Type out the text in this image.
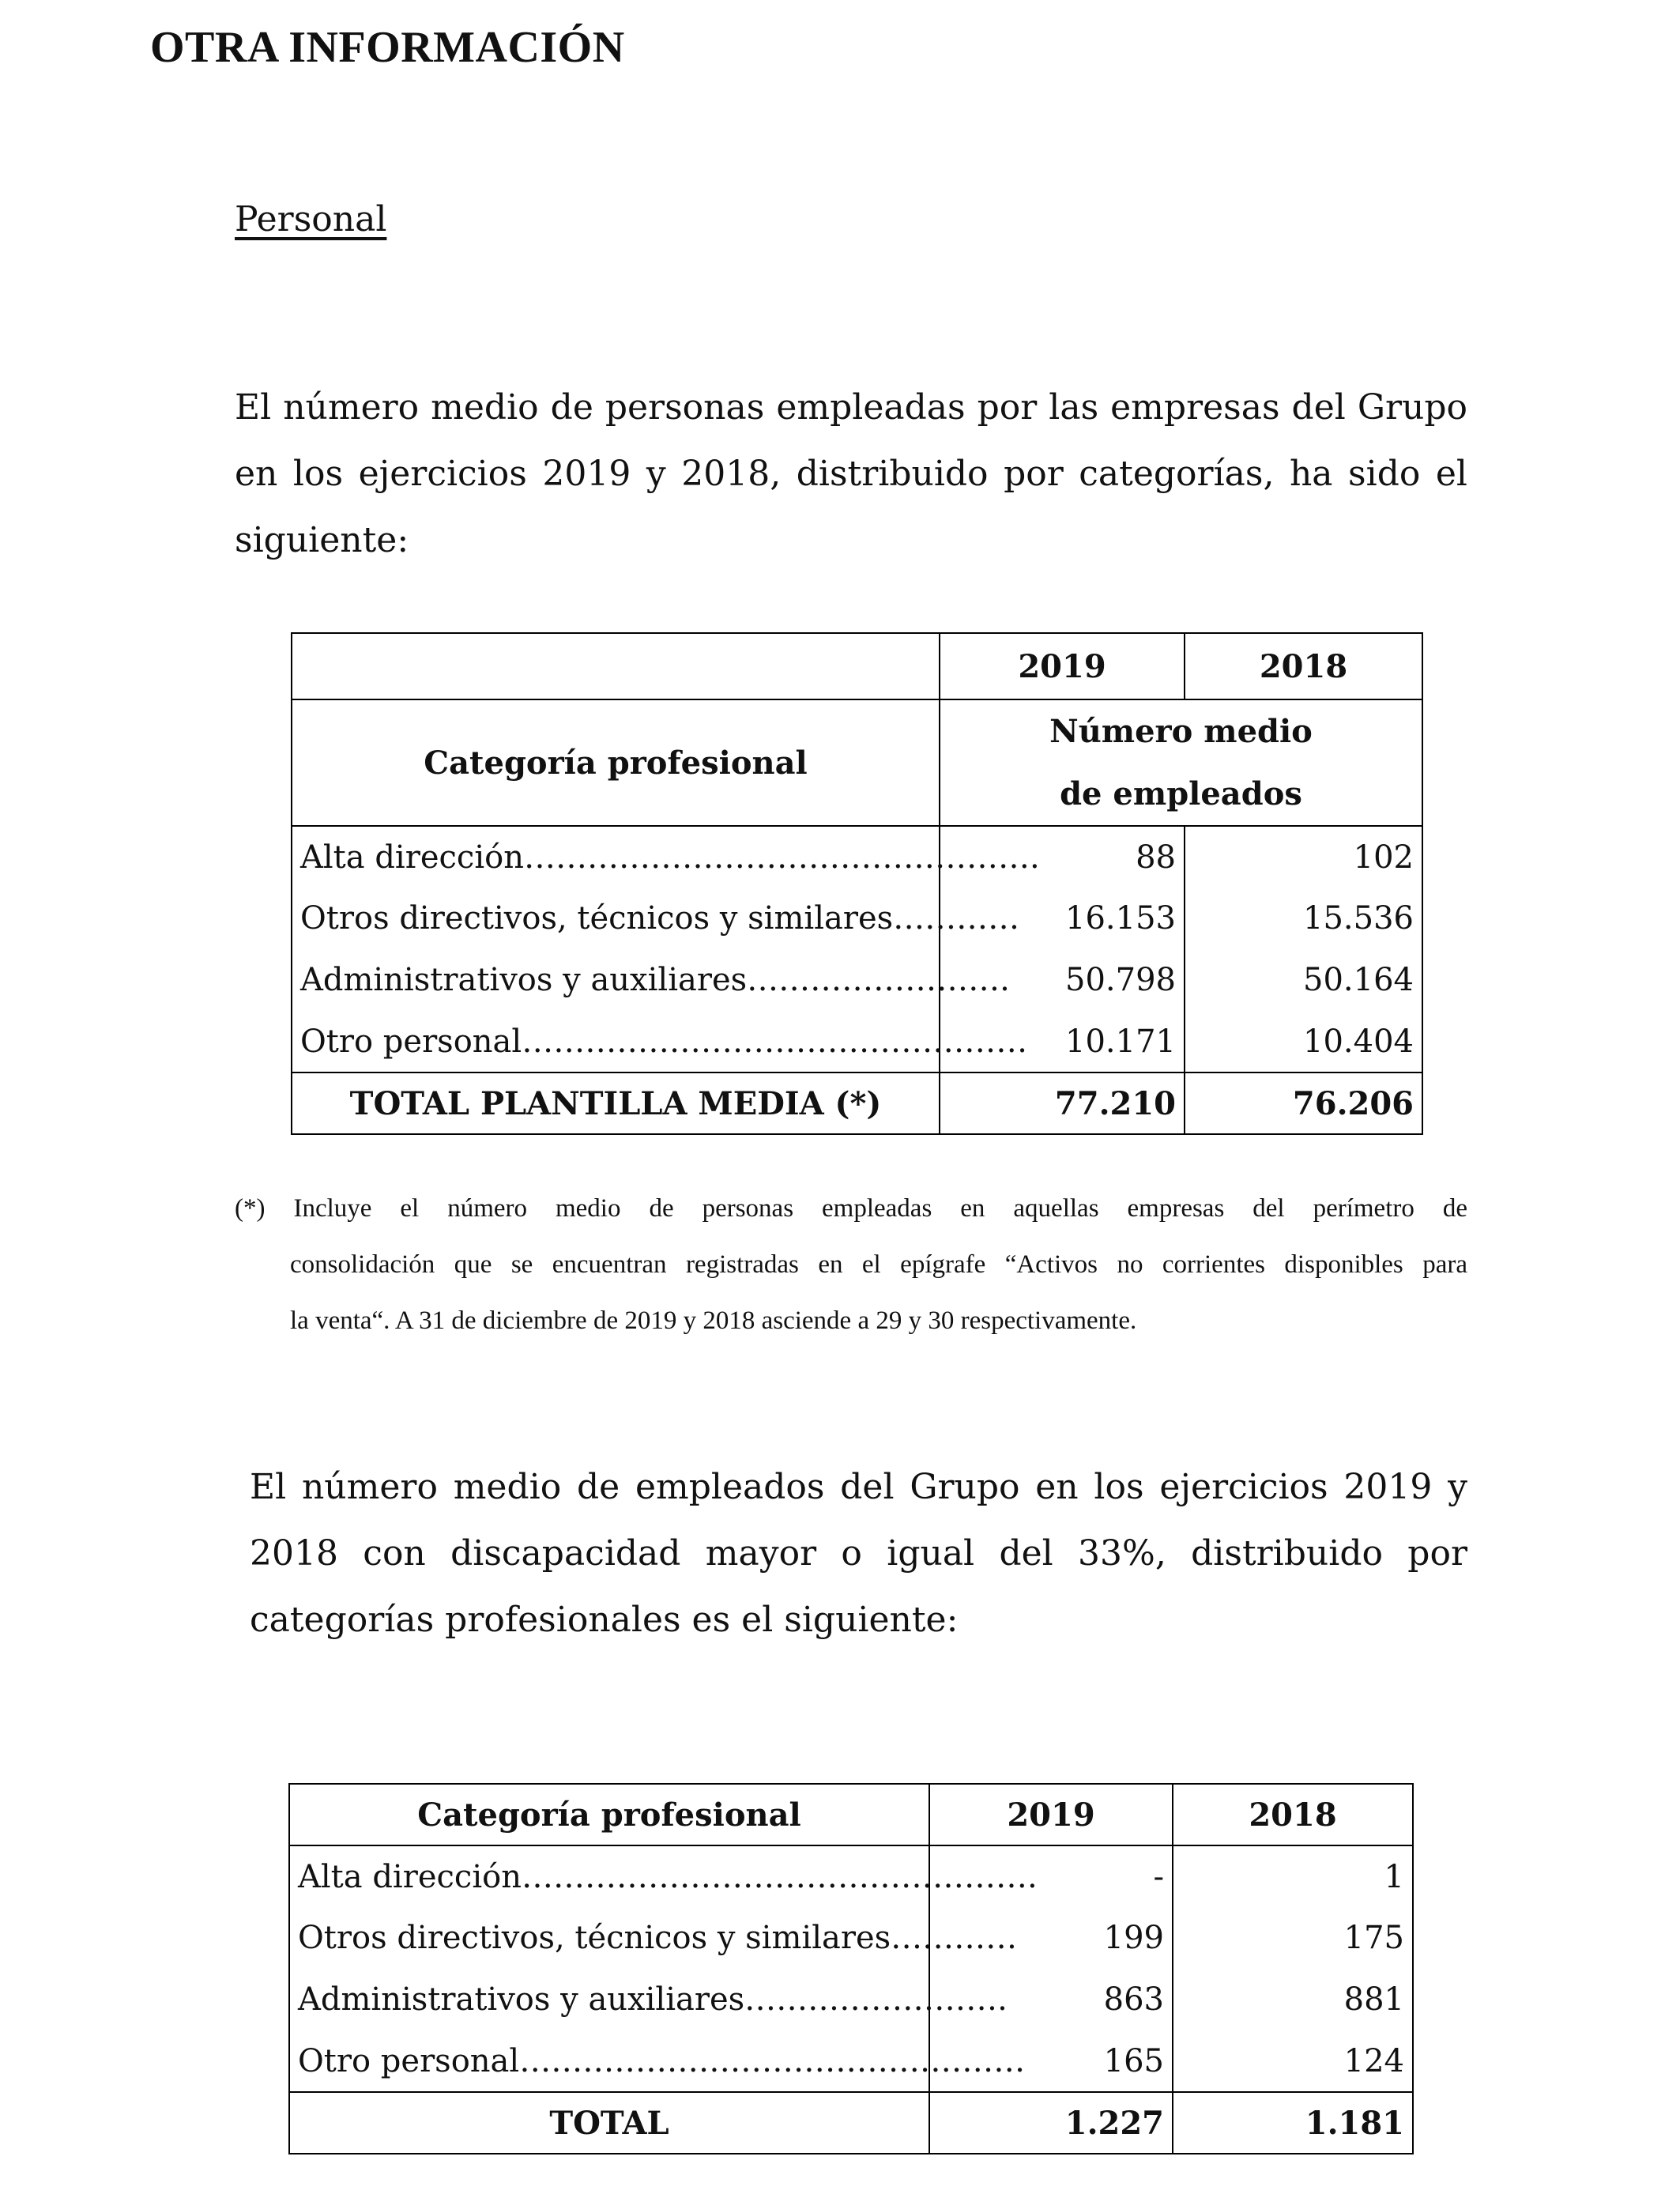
OTRA INFORMACIÓN
Personal
El número medio de personas empleadas por las empresas del Grupo en los ejercicios 2019 y 2018, distribuido por categorías, ha sido el siguiente:
	2019	2018
Categoría profesional	Número medio de empleados	
Alta dirección………………………………………….	88	102
Otros directivos, técnicos y similares…………	16.153	15.536
Administrativos y auxiliares…………………….	50.798	50.164
Otro personal…………………………………………	10.171	10.404
TOTAL PLANTILLA MEDIA (*)	77.210	76.206
(*) Incluye el número medio de personas empleadas en aquellas empresas del perímetro de
consolidación que se encuentran registradas en el epígrafe “Activos no corrientes disponibles para
la venta“. A 31 de diciembre de 2019 y 2018 asciende a 29 y 30 respectivamente.
El número medio de empleados del Grupo en los ejercicios 2019 y 2018 con discapacidad mayor o igual del 33%, distribuido por categorías profesionales es el siguiente:
Categoría profesional	2019	2018
Alta dirección………………………………………….	-	1
Otros directivos, técnicos y similares…………	199	175
Administrativos y auxiliares…………………….	863	881
Otro personal…………………………………………	165	124
TOTAL	1.227	1.181
